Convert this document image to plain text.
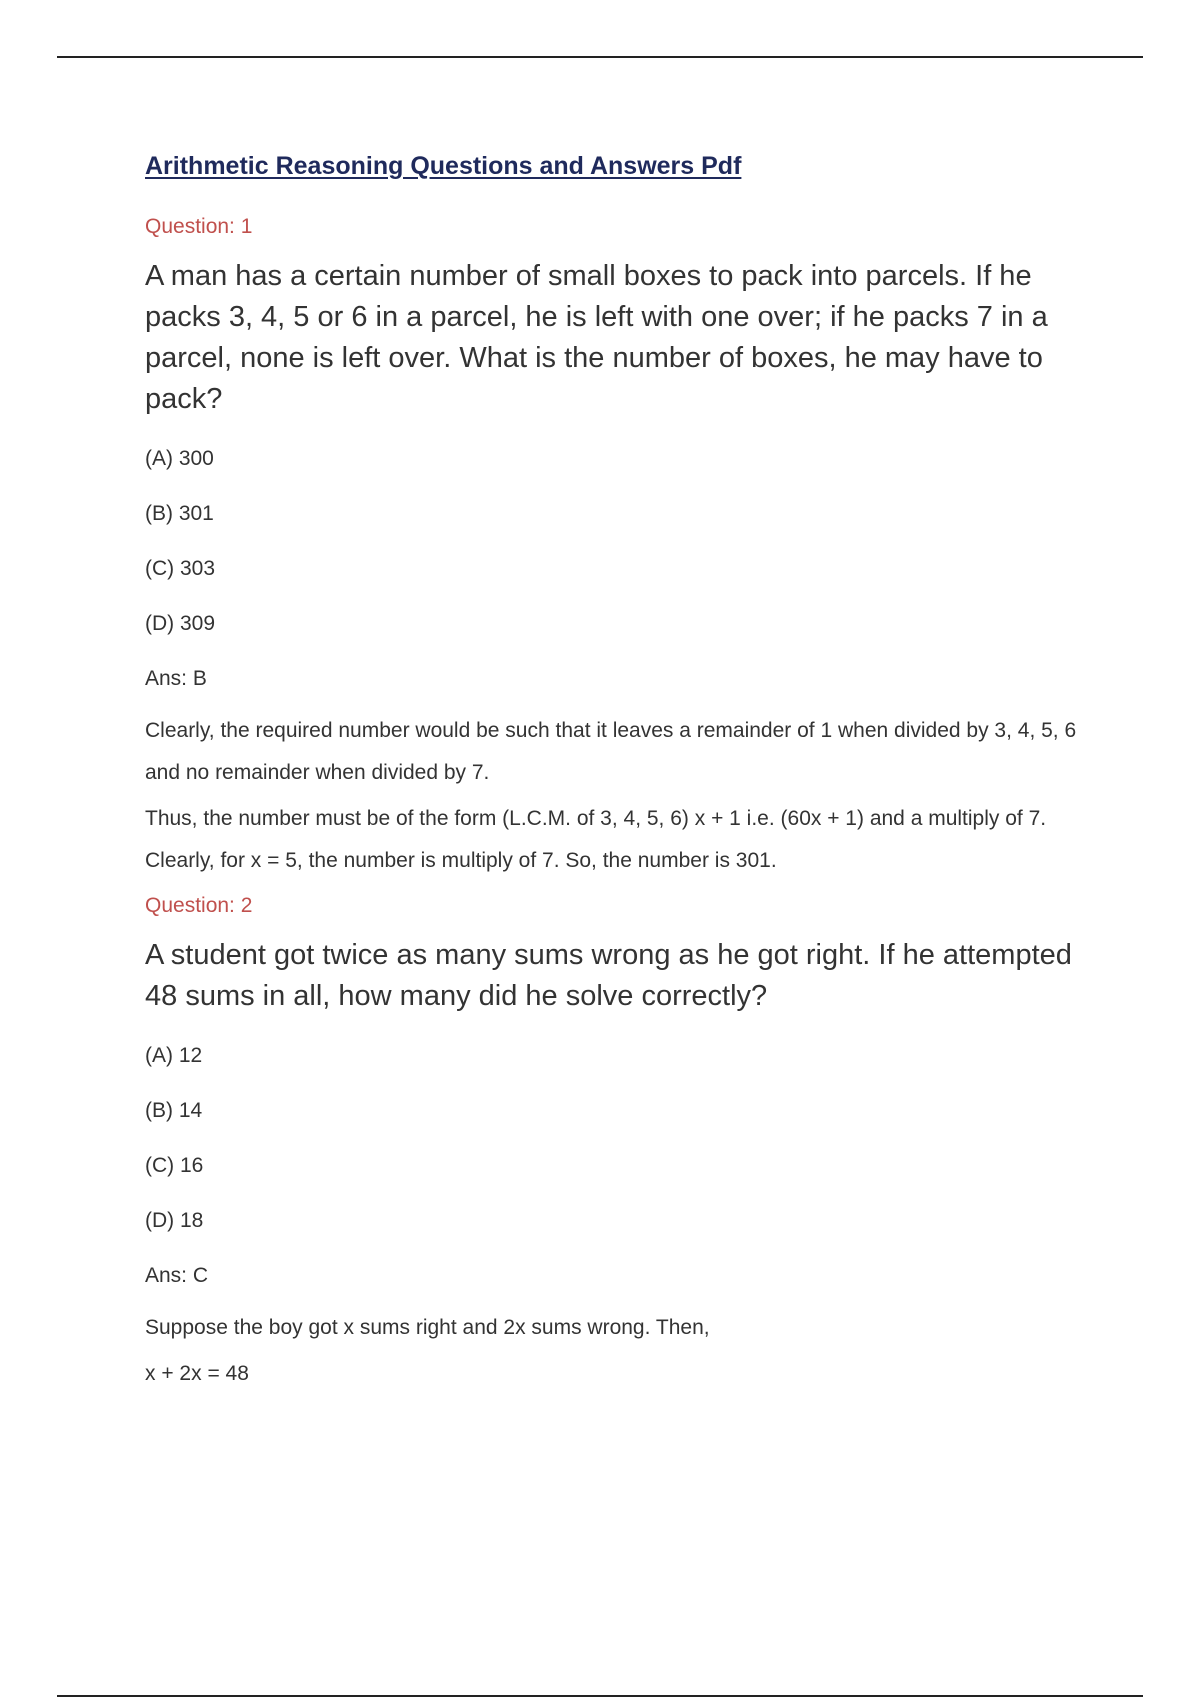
Arithmetic Reasoning Questions and Answers Pdf
Question: 1
A man has a certain number of small boxes to pack into parcels. If he packs 3, 4, 5 or 6 in a parcel, he is left with one over; if he packs 7 in a parcel, none is left over. What is the number of boxes, he may have to pack?
(A) 300
(B) 301
(C) 303
(D) 309
Ans: B
Clearly, the required number would be such that it leaves a remainder of 1 when divided by 3, 4, 5, 6 and no remainder when divided by 7.
Thus, the number must be of the form (L.C.M. of 3, 4, 5, 6) x + 1 i.e. (60x + 1) and a multiply of 7. Clearly, for x = 5, the number is multiply of 7. So, the number is 301.
Question: 2
A student got twice as many sums wrong as he got right. If he attempted 48 sums in all, how many did he solve correctly?
(A) 12
(B) 14
(C) 16
(D) 18
Ans: C
Suppose the boy got x sums right and 2x sums wrong. Then,
x + 2x = 48
